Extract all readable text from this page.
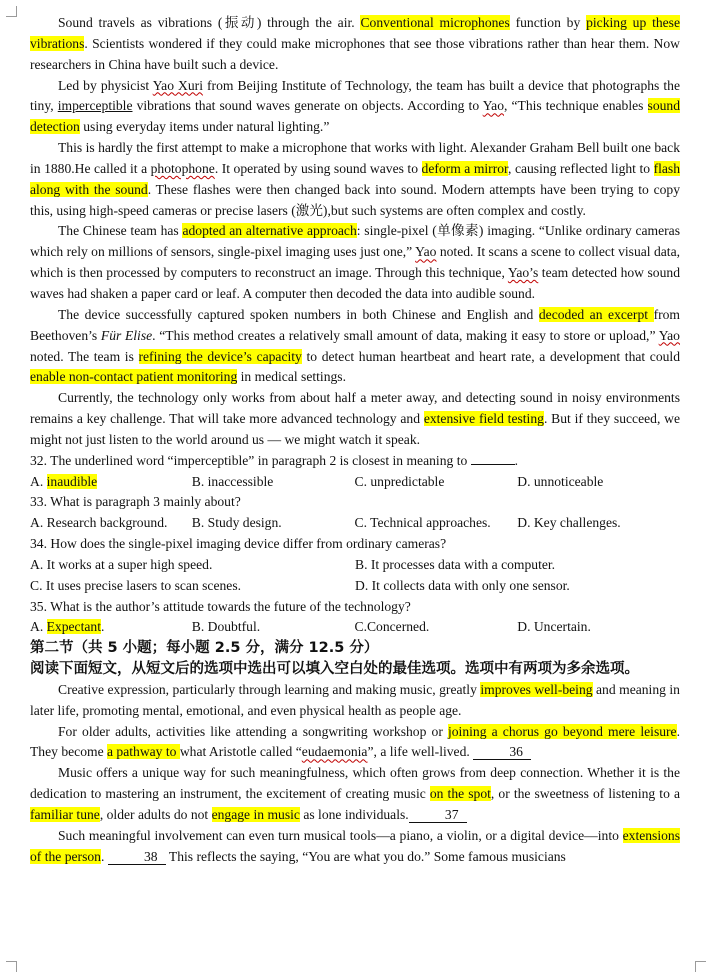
Sound travels as vibrations (振动) through the air. Conventional microphones function by picking up these vibrations. Scientists wondered if they could make microphones that see those vibrations rather than hear them. Now researchers in China have built such a device.

Led by physicist Yao Xuri from Beijing Institute of Technology, the team has built a device that photographs the tiny, imperceptible vibrations that sound waves generate on objects. According to Yao, “This technique enables sound detection using everyday items under natural lighting.”

This is hardly the first attempt to make a microphone that works with light. Alexander Graham Bell built one back in 1880.He called it a photophone. It operated by using sound waves to deform a mirror, causing reflected light to flash along with the sound. These flashes were then changed back into sound. Modern attempts have been trying to copy this, using high-speed cameras or precise lasers (激光),but such systems are often complex and costly.

The Chinese team has adopted an alternative approach: single-pixel (单像素) imaging. “Unlike ordinary cameras which rely on millions of sensors, single-pixel imaging uses just one,” Yao noted. It scans a scene to collect visual data, which is then processed by computers to reconstruct an image. Through this technique, Yao’s team detected how sound waves had shaken a paper card or leaf. A computer then decoded the data into audible sound.

The device successfully captured spoken numbers in both Chinese and English and decoded an excerpt from Beethoven’s Für Elise. “This method creates a relatively small amount of data, making it easy to store or upload,” Yao noted. The team is refining the device’s capacity to detect human heartbeat and heart rate, a development that could enable non-contact patient monitoring in medical settings.

Currently, the technology only works from about half a meter away, and detecting sound in noisy environments remains a key challenge. That will take more advanced technology and extensive field testing. But if they succeed, we might not just listen to the world around us — we might watch it speak.

32. The underlined word “imperceptible” in paragraph 2 is closest in meaning to	.

A. inaudible	B. inaccessible	C. unpredictable	D. unnoticeable

33. What is paragraph 3 mainly about?

A. Research background.	B. Study design.	C. Technical approaches.	D. Key challenges.

34. How does the single-pixel imaging device differ from ordinary cameras?

A. It works at a super high speed.	B. It processes data with a computer.
C. It uses precise lasers to scan scenes.	D. It collects data with only one sensor.

35. What is the author’s attitude towards the future of the technology?

A. Expectant.	B. Doubtful.	C.Concerned.	D. Uncertain.

第二节（共 5 小题；每小题 2.5 分，满分 12.5 分）

阅读下面短文，从短文后的选项中选出可以填入空白处的最佳选项。选项中有两项为多余选项。

Creative expression, particularly through learning and making music, greatly improves well-being and meaning in later life, promoting mental, emotional, and even physical health as people age.

For older adults, activities like attending a songwriting workshop or joining a chorus go beyond mere leisure. They become a pathway to what Aristotle called “eudaemonia”, a life well-lived.	36

Music offers a unique way for such meaningfulness, which often grows from deep connection. Whether it is the dedication to mastering an instrument, the excitement of creating music on the spot, or the sweetness of listening to a familiar tune, older adults do not engage in music as lone individuals.	37

Such meaningful involvement can even turn musical tools—a piano, a violin, or a digital device—into extensions of the person.	38 This reflects the saying, “You are what you do.” Some famous musicians
